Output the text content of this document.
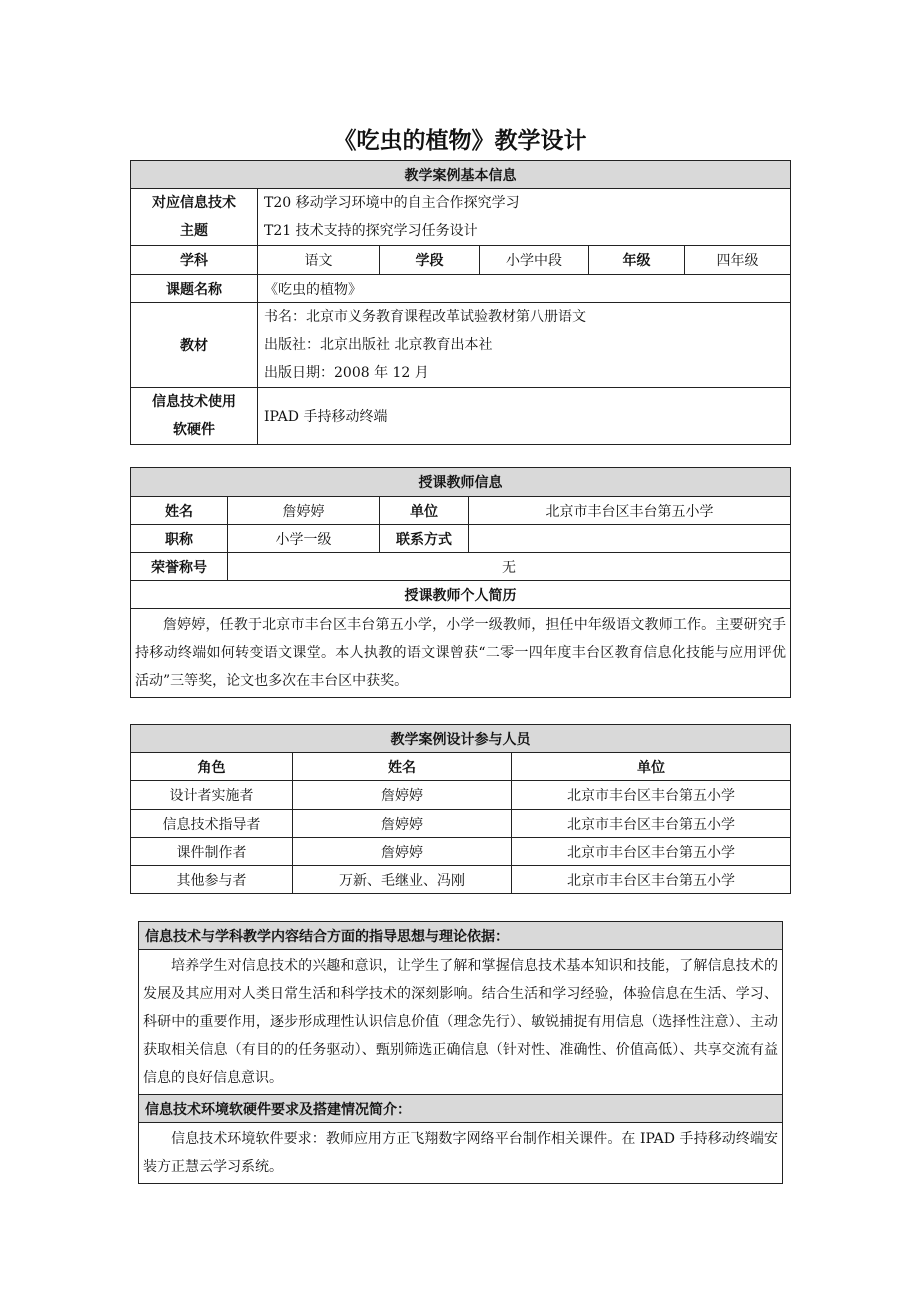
《吃虫的植物》教学设计
教学案例基本信息					

对应信息技术
主题	T20 移动学习环境中的自主合作探究学习
T21 技术支持的探究学习任务设计				

学科	语文	学段	小学中段	年级	四年级
课题名称	《吃虫的植物》				
教材	书名：北京市义务教育课程改革试验教材第八册语文
出版社：北京出版社 北京教育出本社
出版日期：2008 年 12 月				

信息技术使用
软硬件	IPAD 手持移动终端				
授课教师信息			
姓名	詹婷婷	单位	北京市丰台区丰台第五小学
职称	小学一级	联系方式	
荣誉称号	无		
授课教师个人简历			
詹婷婷，任教于北京市丰台区丰台第五小学，小学一级教师，担任中年级语文教师工作。主要研究手持移动终端如何转变语文课堂。本人执教的语文课曾获“二零一四年度丰台区教育信息化技能与应用评优活动”三等奖，论文也多次在丰台区中获奖。			
教学案例设计参与人员		
角色	姓名	单位
设计者实施者	詹婷婷	北京市丰台区丰台第五小学
信息技术指导者	詹婷婷	北京市丰台区丰台第五小学
课件制作者	詹婷婷	北京市丰台区丰台第五小学
其他参与者	万新、毛继业、冯刚	北京市丰台区丰台第五小学
信息技术与学科教学内容结合方面的指导思想与理论依据：
培养学生对信息技术的兴趣和意识，让学生了解和掌握信息技术基本知识和技能，了解信息技术的发展及其应用对人类日常生活和科学技术的深刻影响。结合生活和学习经验，体验信息在生活、学习、科研中的重要作用，逐步形成理性认识信息价值（理念先行）、敏锐捕捉有用信息（选择性注意）、主动获取相关信息（有目的的任务驱动）、甄别筛选正确信息（针对性、准确性、价值高低）、共享交流有益信息的良好信息意识。
信息技术环境软硬件要求及搭建情况简介：
信息技术环境软件要求：教师应用方正飞翔数字网络平台制作相关课件。在 IPAD 手持移动终端安装方正慧云学习系统。
